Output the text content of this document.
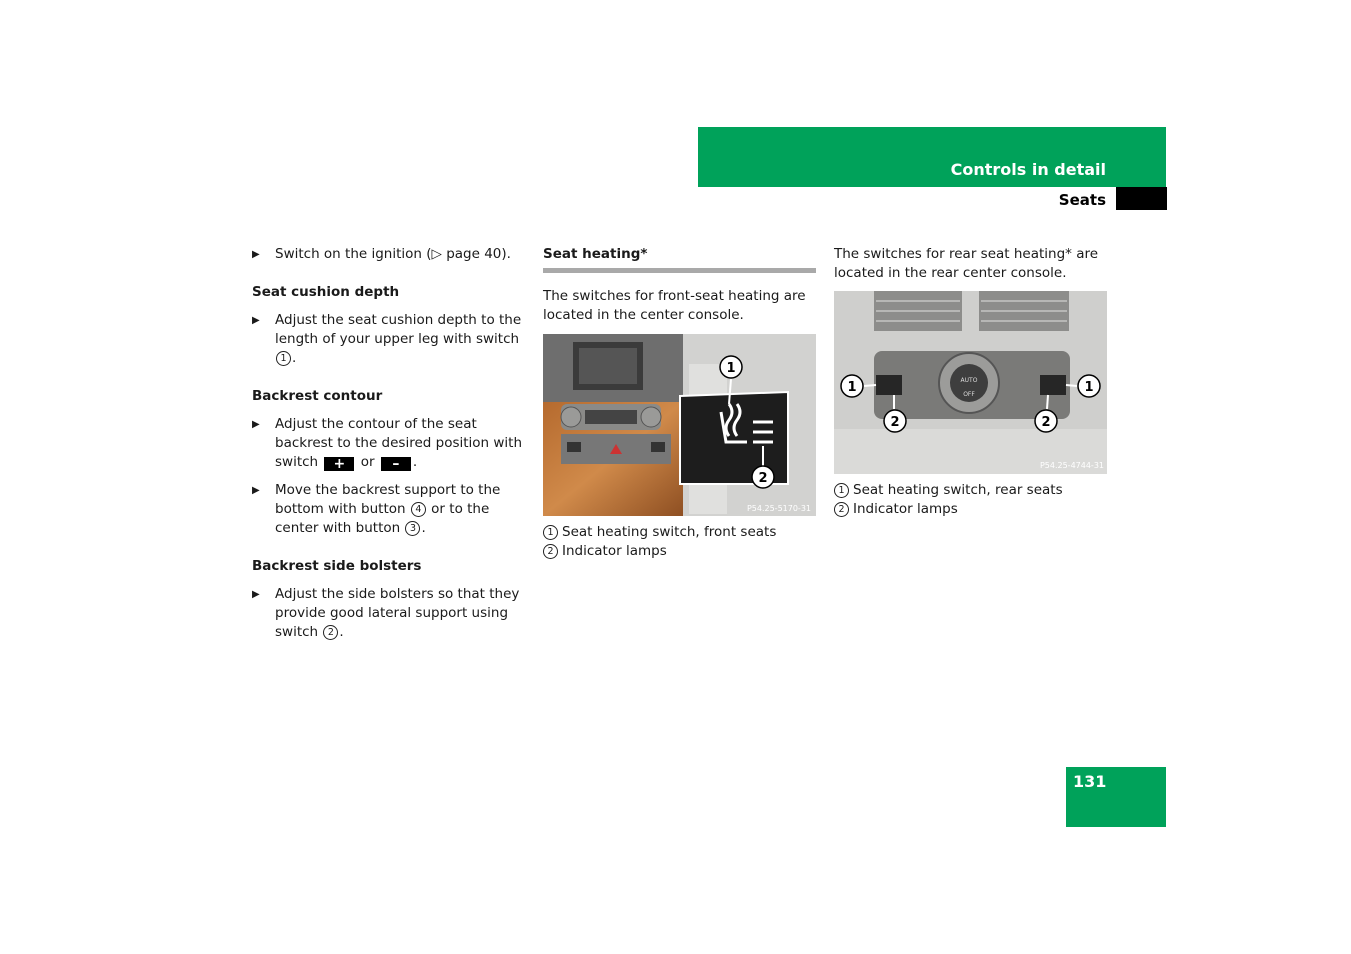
Controls in detail
Seats
▶ Switch on the ignition (▷ page 40).
Seat cushion depth
▶ Adjust the seat cushion depth to the length of your upper leg with switch 1 .
Backrest contour
▶ Adjust the contour of the seat backrest to the desired position with switch + or – .
▶ Move the backrest support to the bottom with button 4 or to the center with button 3 .
Backrest side bolsters
▶ Adjust the side bolsters so that they provide good lateral support using switch 2 .
Seat heating*
The switches for front-seat heating are located in the center console.
1
2
P54.25-5170-31
1 Seat heating switch, front seats
2 Indicator lamps
The switches for rear seat heating* are located in the rear center console.
AUTO
OFF
1
2
1
2
P54.25-4744-31
1 Seat heating switch, rear seats
2 Indicator lamps
131
